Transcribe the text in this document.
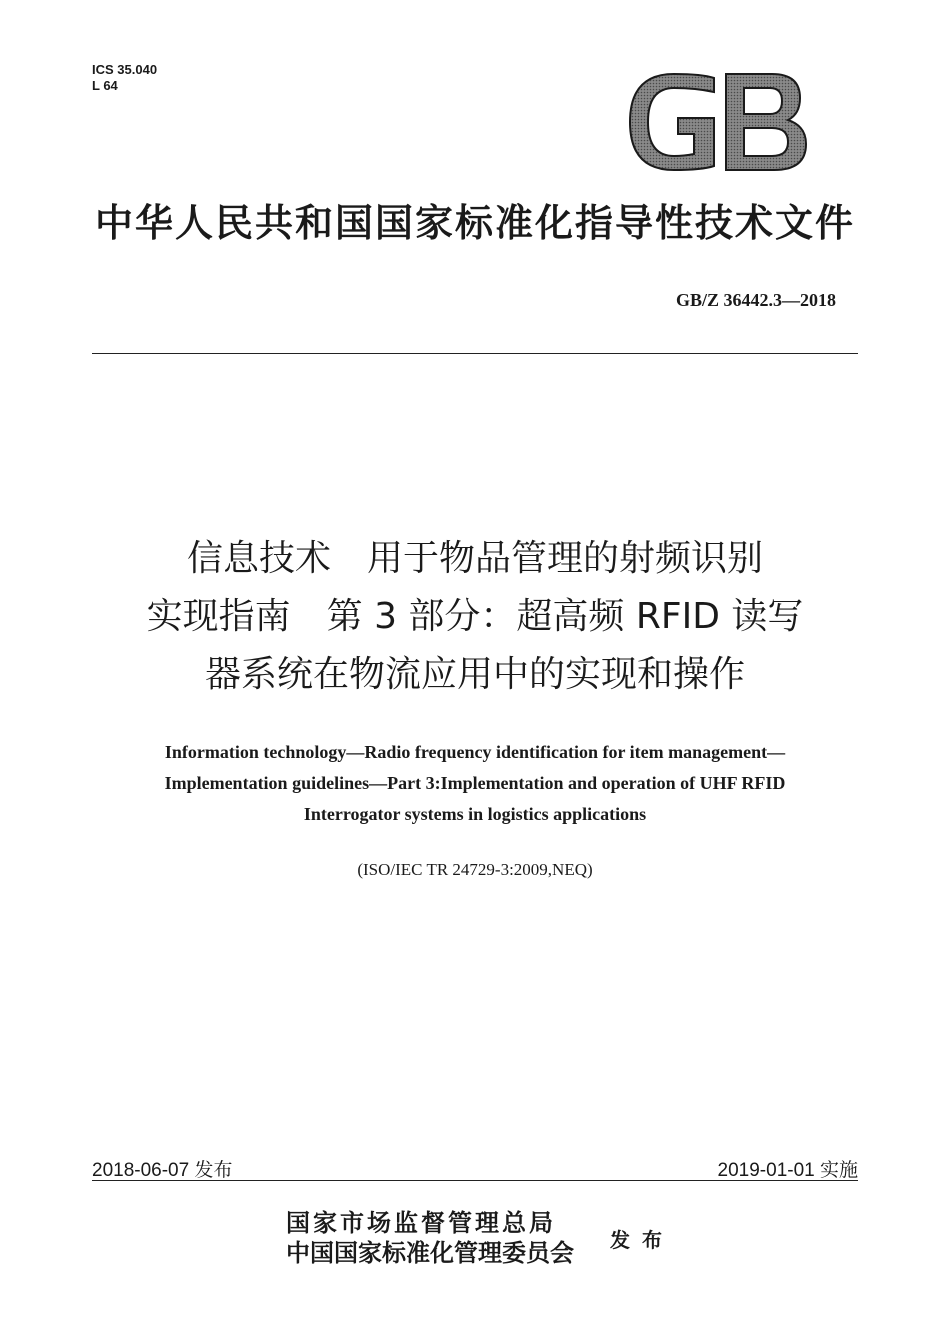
ICS 35.040
L 64
中华人民共和国国家标准化指导性技术文件
GB/Z 36442.3—2018
信息技术　用于物品管理的射频识别
实现指南　第 3 部分：超高频 RFID 读写
器系统在物流应用中的实现和操作
Information technology—Radio frequency identification for item management—
Implementation guidelines—Part 3:Implementation and operation of UHF RFID
Interrogator systems in logistics applications
(ISO/IEC TR 24729-3:2009,NEQ)
2018-06-07 发布	2019-01-01 实施
国家市场监督管理总局
中国国家标准化管理委员会 发布
